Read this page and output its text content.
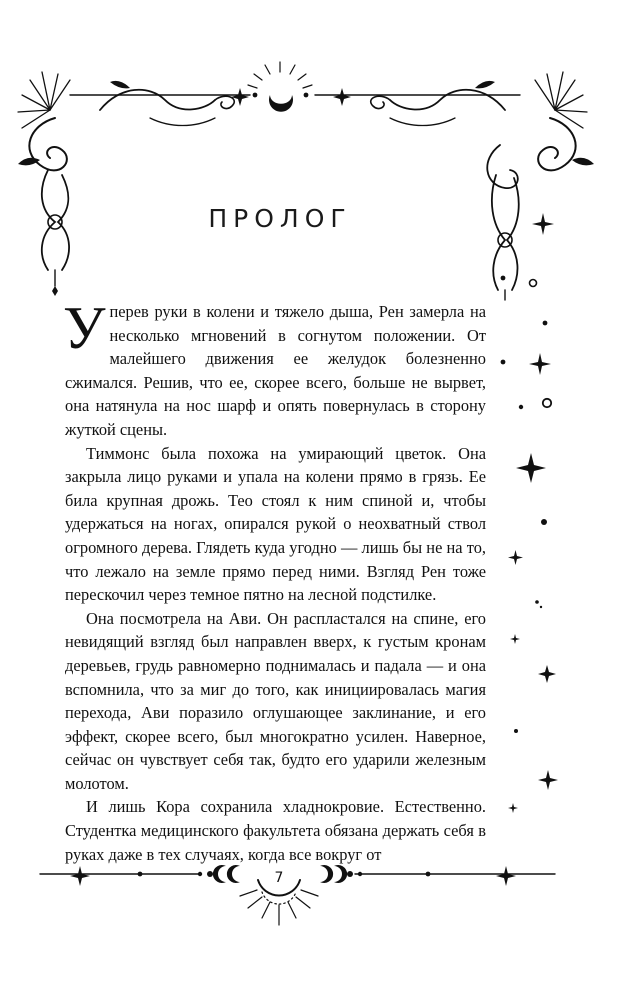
ПРОЛОГ

Уперев руки в колени и тяжело дыша, Рен замерла на несколько мгновений в согнутом положении. От малейшего движения ее желудок болезненно сжимался. Решив, что ее, скорее всего, больше не вырвет, она натянула на нос шарф и опять повернулась в сторону жуткой сцены.

Тиммонс была похожа на умирающий цветок. Она закрыла лицо руками и упала на колени прямо в грязь. Ее била крупная дрожь. Тео стоял к ним спиной и, чтобы удержаться на ногах, опирался рукой о неохватный ствол огромного дерева. Глядеть куда угодно — лишь бы не на то, что лежало на земле прямо перед ними. Взгляд Рен тоже перескочил через темное пятно на лесной подстилке.

Она посмотрела на Ави. Он распластался на спине, его невидящий взгляд был направлен вверх, к густым кронам деревьев, грудь равномерно поднималась и падала — и она вспомнила, что за миг до того, как инициировалась магия перехода, Ави поразило оглушающее заклинание, и его эффект, скорее всего, был многократно усилен. Наверное, сейчас он чувствует себя так, будто его ударили железным молотом.

И лишь Кора сохранила хладнокровие. Естественно. Студентка медицинского факультета обязана держать себя в руках даже в тех случаях, когда все вокруг от

7
